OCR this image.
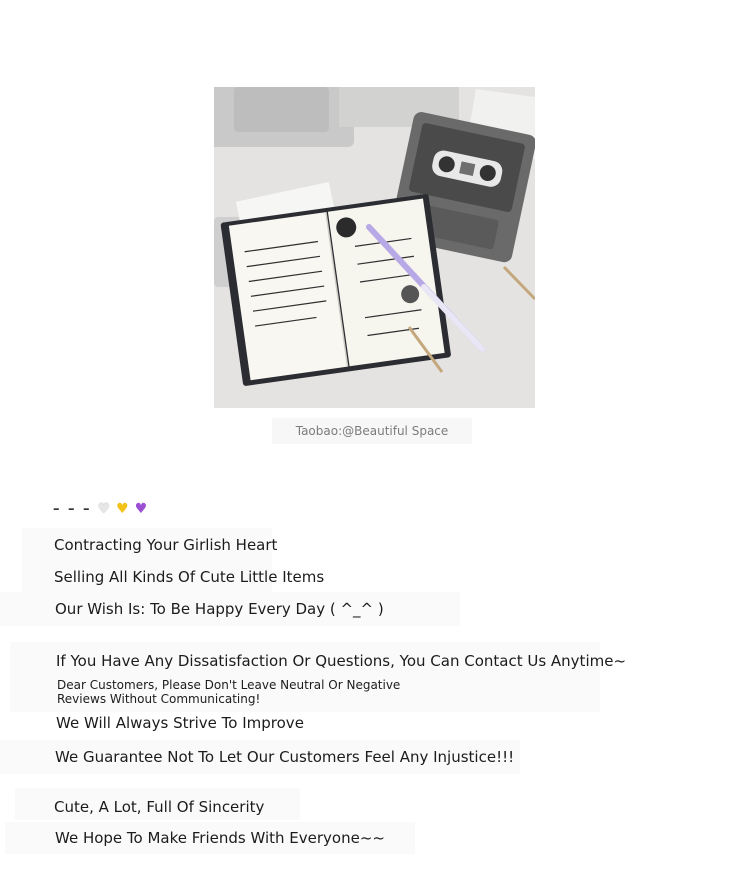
Taobao:@Beautiful Space
– – – ♥ ♥ ♥
Contracting Your Girlish Heart
Selling All Kinds Of Cute Little Items
Our Wish Is: To Be Happy Every Day ( ^_^ )
If You Have Any Dissatisfaction Or Questions, You Can Contact Us Anytime~
Dear Customers, Please Don't Leave Neutral Or Negative Reviews Without Communicating!
We Will Always Strive To Improve
We Guarantee Not To Let Our Customers Feel Any Injustice!!!
Cute, A Lot, Full Of Sincerity
We Hope To Make Friends With Everyone~~
